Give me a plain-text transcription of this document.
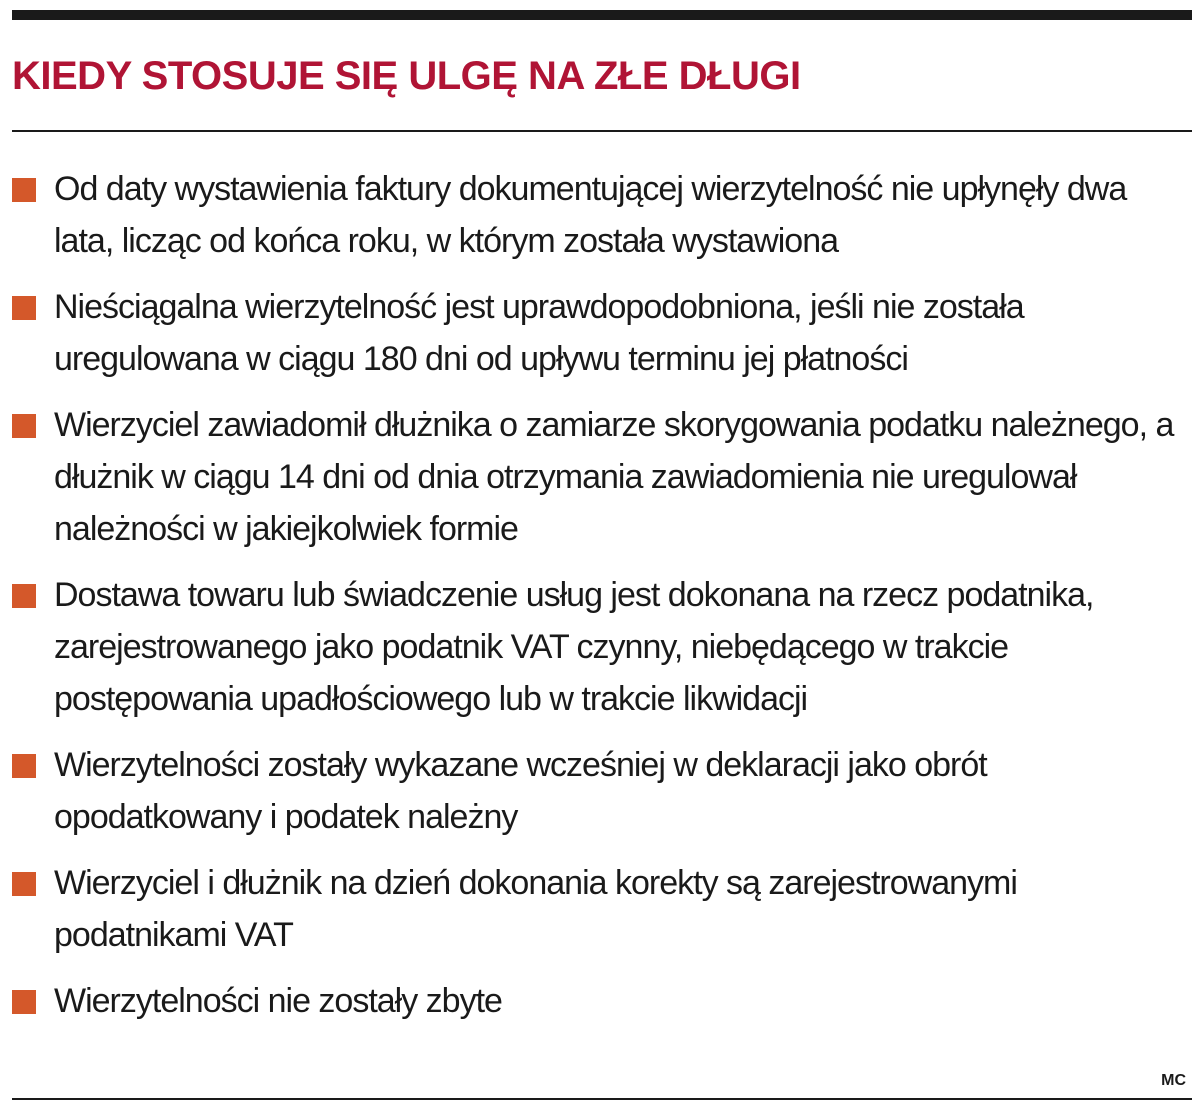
KIEDY STOSUJE SIĘ ULGĘ NA ZŁE DŁUGI
Od daty wystawienia faktury dokumentującej wierzytelność nie upłynęły dwa lata, licząc od końca roku, w którym została wystawiona
Nieściągalna wierzytelność jest uprawdopodobniona, jeśli nie została uregulowana w ciągu 180 dni od upływu terminu jej płatności
Wierzyciel zawiadomił dłużnika o zamiarze skorygowania podatku należnego, a dłużnik w ciągu 14 dni od dnia otrzymania zawiadomienia nie uregulował należności w jakiejkolwiek formie
Dostawa towaru lub świadczenie usług jest dokonana na rzecz podatnika, zarejestrowanego jako podatnik VAT czynny, niebędącego w trakcie postępowania upadłościowego lub w trakcie likwidacji
Wierzytelności zostały wykazane wcześniej w deklaracji jako obrót opodatkowany i podatek należny
Wierzyciel i dłużnik na dzień dokonania korekty są zarejestrowanymi podatnikami VAT
Wierzytelności nie zostały zbyte
MC
